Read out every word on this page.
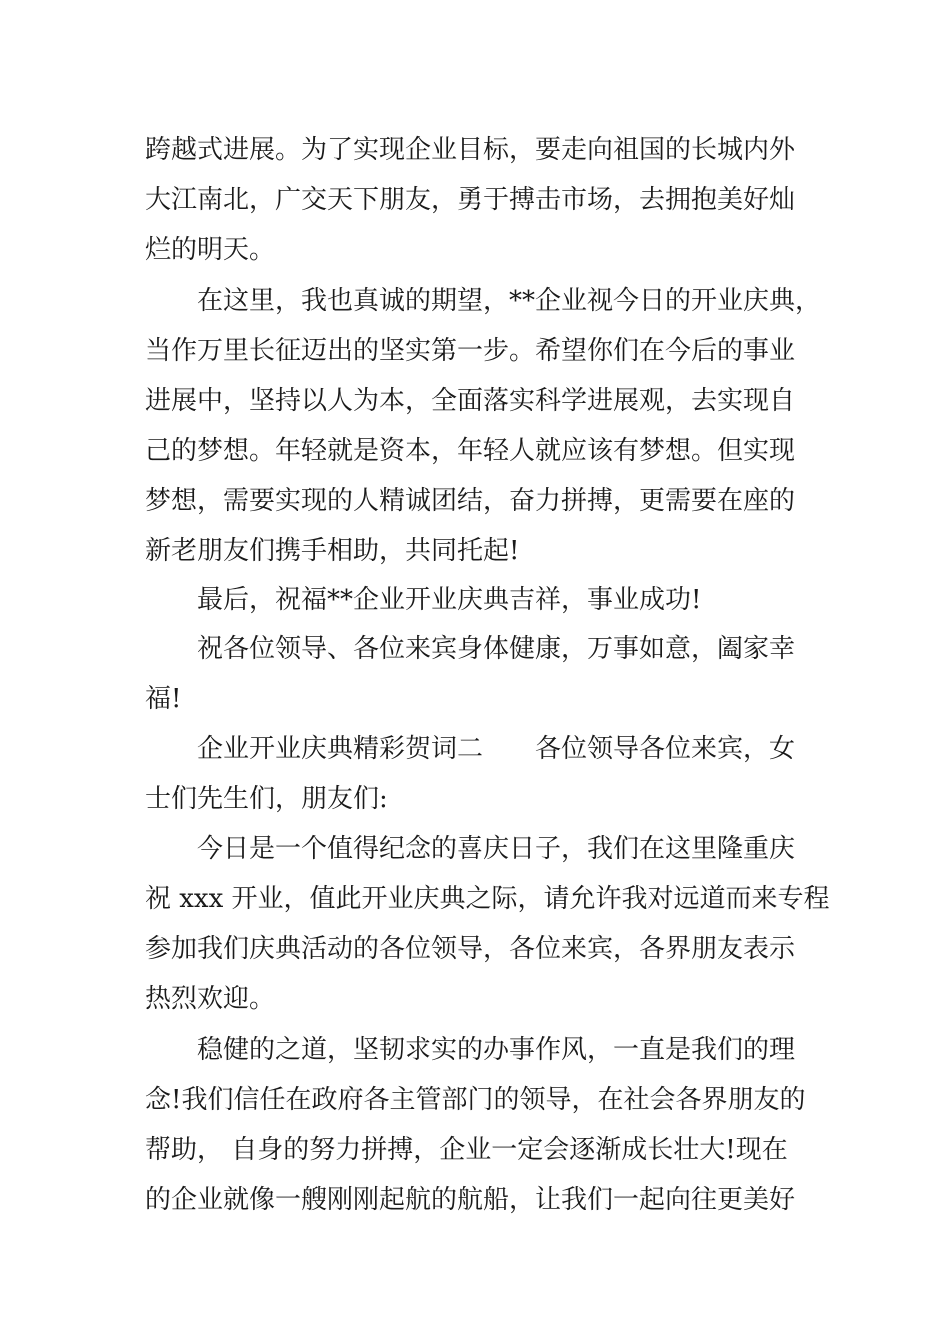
跨越式进展。为了实现企业目标，要走向祖国的长城内外
大江南北，广交天下朋友，勇于搏击市场，去拥抱美好灿
烂的明天。
在这里，我也真诚的期望，**企业视今日的开业庆典，
当作万里长征迈出的坚实第一步。希望你们在今后的事业
进展中，坚持以人为本，全面落实科学进展观，去实现自
己的梦想。年轻就是资本，年轻人就应该有梦想。但实现
梦想，需要实现的人精诚团结，奋力拼搏，更需要在座的
新老朋友们携手相助，共同托起!
最后，祝福**企业开业庆典吉祥，事业成功!
祝各位领导、各位来宾身体健康，万事如意，阖家幸
福!
企业开业庆典精彩贺词二　　各位领导各位来宾，女
士们先生们，朋友们:
今日是一个值得纪念的喜庆日子，我们在这里隆重庆
祝 xxx 开业，值此开业庆典之际，请允许我对远道而来专程
参加我们庆典活动的各位领导，各位来宾，各界朋友表示
热烈欢迎。
稳健的之道，坚韧求实的办事作风，一直是我们的理
念!我们信任在政府各主管部门的领导，在社会各界朋友的
帮助， 自身的努力拼搏，企业一定会逐渐成长壮大!现在
的企业就像一艘刚刚起航的航船，让我们一起向往更美好
